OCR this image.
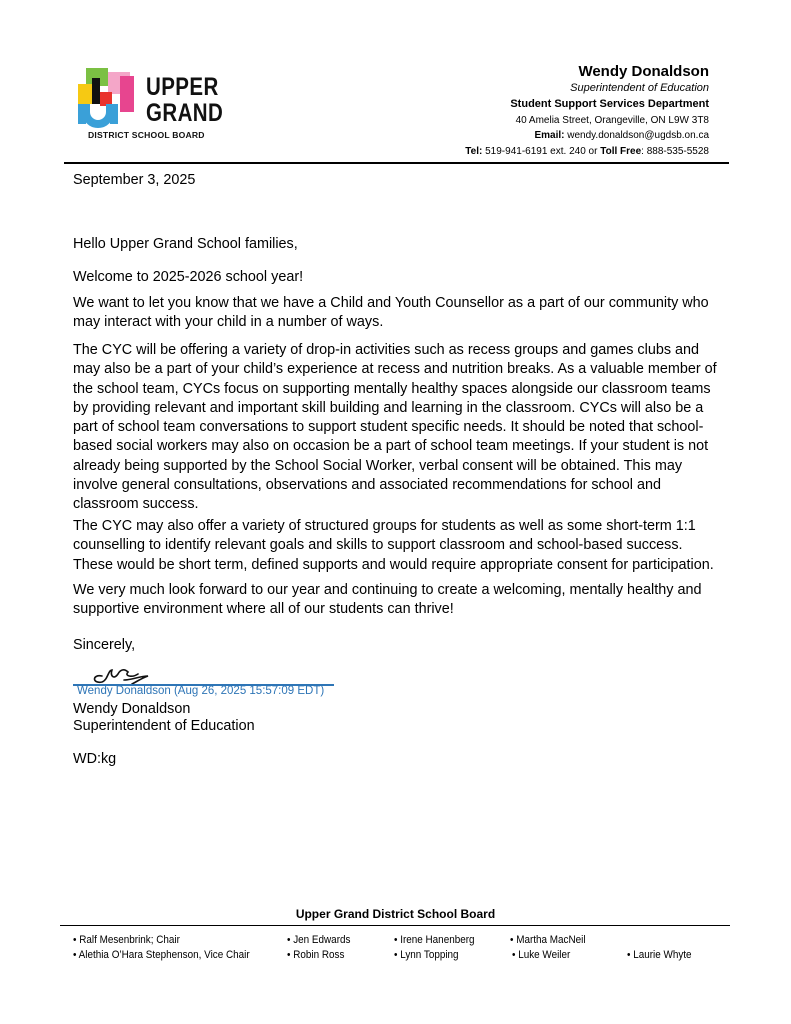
UPPER
GRAND
DISTRICT SCHOOL BOARD
Wendy Donaldson
Superintendent of Education
Student Support Services Department
40 Amelia Street, Orangeville, ON L9W 3T8
Email: wendy.donaldson@ugdsb.on.ca
Tel: 519-941-6191 ext. 240 or Toll Free: 888-535-5528
September 3, 2025
Hello Upper Grand School families,
Welcome to 2025-2026 school year!
We want to let you know that we have a Child and Youth Counsellor as a part of our community who may interact with your child in a number of ways.
The CYC will be offering a variety of drop-in activities such as recess groups and games clubs and may also be a part of your child’s experience at recess and nutrition breaks. As a valuable member of the school team, CYCs focus on supporting mentally healthy spaces alongside our classroom teams by providing relevant and important skill building and learning in the classroom. CYCs will also be a part of school team conversations to support student specific needs. It should be noted that school-based social workers may also on occasion be a part of school team meetings. If your student is not already being supported by the School Social Worker, verbal consent will be obtained. This may involve general consultations, observations and associated recommendations for school and classroom success.
The CYC may also offer a variety of structured groups for students as well as some short-term 1:1 counselling to identify relevant goals and skills to support classroom and school-based success. These would be short term, defined supports and would require appropriate consent for participation.
We very much look forward to our year and continuing to create a welcoming, mentally healthy and supportive environment where all of our students can thrive!
Sincerely,
Wendy Donaldson (Aug 26, 2025 15:57:09 EDT)
Wendy Donaldson
Superintendent of Education
WD:kg
Upper Grand District School Board
• Ralf Mesenbrink; Chair
• Alethia O’Hara Stephenson, Vice Chair
• Jen Edwards
• Robin Ross
• Irene Hanenberg
• Lynn Topping
• Martha MacNeil
• Luke Weiler	• Laurie Whyte
